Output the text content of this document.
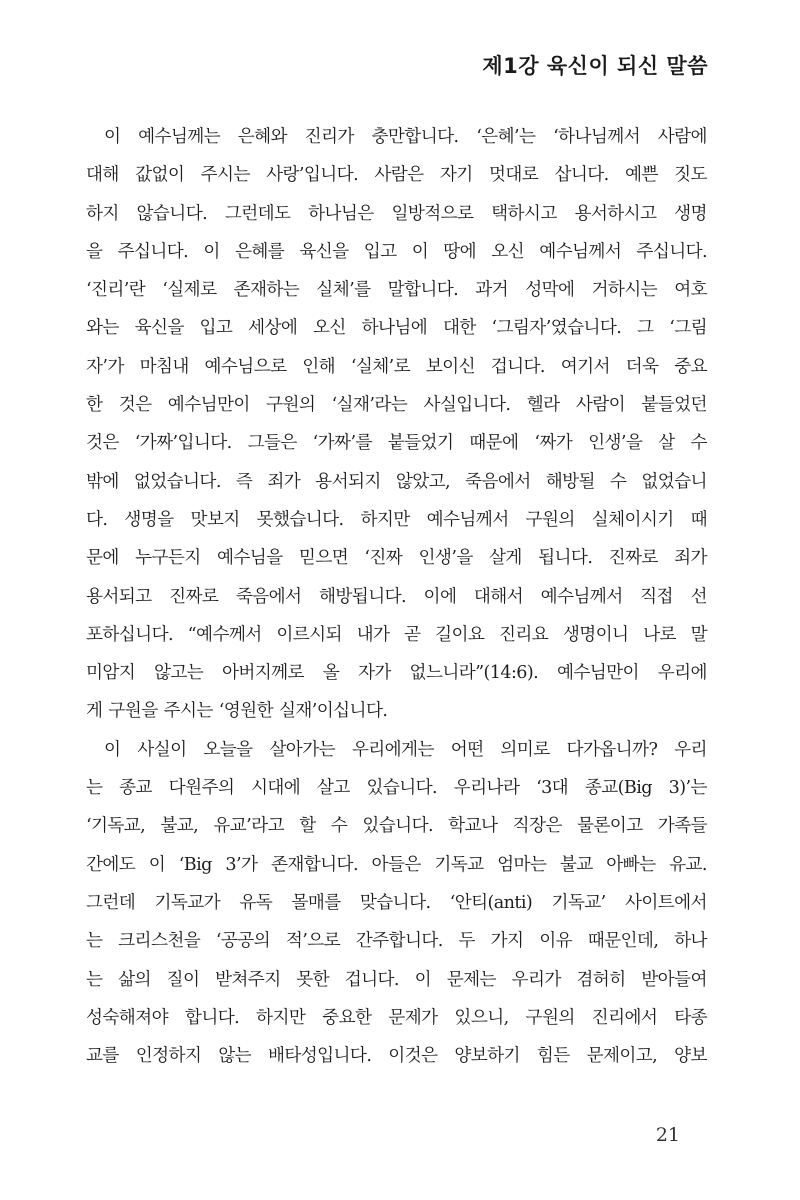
제1강 육신이 되신 말씀
이 예수님께는 은혜와 진리가 충만합니다. ‘은혜’는 ‘하나님께서 사람에
대해 값없이 주시는 사랑’입니다. 사람은 자기 멋대로 삽니다. 예쁜 짓도
하지 않습니다. 그런데도 하나님은 일방적으로 택하시고 용서하시고 생명
을 주십니다. 이 은혜를 육신을 입고 이 땅에 오신 예수님께서 주십니다.
‘진리’란 ‘실제로 존재하는 실체’를 말합니다. 과거 성막에 거하시는 여호
와는 육신을 입고 세상에 오신 하나님에 대한 ‘그림자’였습니다. 그 ‘그림
자’가 마침내 예수님으로 인해 ‘실체’로 보이신 겁니다. 여기서 더욱 중요
한 것은 예수님만이 구원의 ‘실재’라는 사실입니다. 헬라 사람이 붙들었던
것은 ‘가짜’입니다. 그들은 ‘가짜’를 붙들었기 때문에 ‘짜가 인생’을 살 수
밖에 없었습니다. 즉 죄가 용서되지 않았고, 죽음에서 해방될 수 없었습니
다. 생명을 맛보지 못했습니다. 하지만 예수님께서 구원의 실체이시기 때
문에 누구든지 예수님을 믿으면 ‘진짜 인생’을 살게 됩니다. 진짜로 죄가
용서되고 진짜로 죽음에서 해방됩니다. 이에 대해서 예수님께서 직접 선
포하십니다. “예수께서 이르시되 내가 곧 길이요 진리요 생명이니 나로 말
미암지 않고는 아버지께로 올 자가 없느니라”(14:6). 예수님만이 우리에
게 구원을 주시는 ‘영원한 실재’이십니다.
이 사실이 오늘을 살아가는 우리에게는 어떤 의미로 다가옵니까? 우리
는 종교 다원주의 시대에 살고 있습니다. 우리나라 ‘3대 종교(Big 3)’는
‘기독교, 불교, 유교’라고 할 수 있습니다. 학교나 직장은 물론이고 가족들
간에도 이 ‘Big 3’가 존재합니다. 아들은 기독교 엄마는 불교 아빠는 유교.
그런데 기독교가 유독 몰매를 맞습니다. ‘안티(anti) 기독교’ 사이트에서
는 크리스천을 ‘공공의 적’으로 간주합니다. 두 가지 이유 때문인데, 하나
는 삶의 질이 받쳐주지 못한 겁니다. 이 문제는 우리가 겸허히 받아들여
성숙해져야 합니다. 하지만 중요한 문제가 있으니, 구원의 진리에서 타종
교를 인정하지 않는 배타성입니다. 이것은 양보하기 힘든 문제이고, 양보
21
